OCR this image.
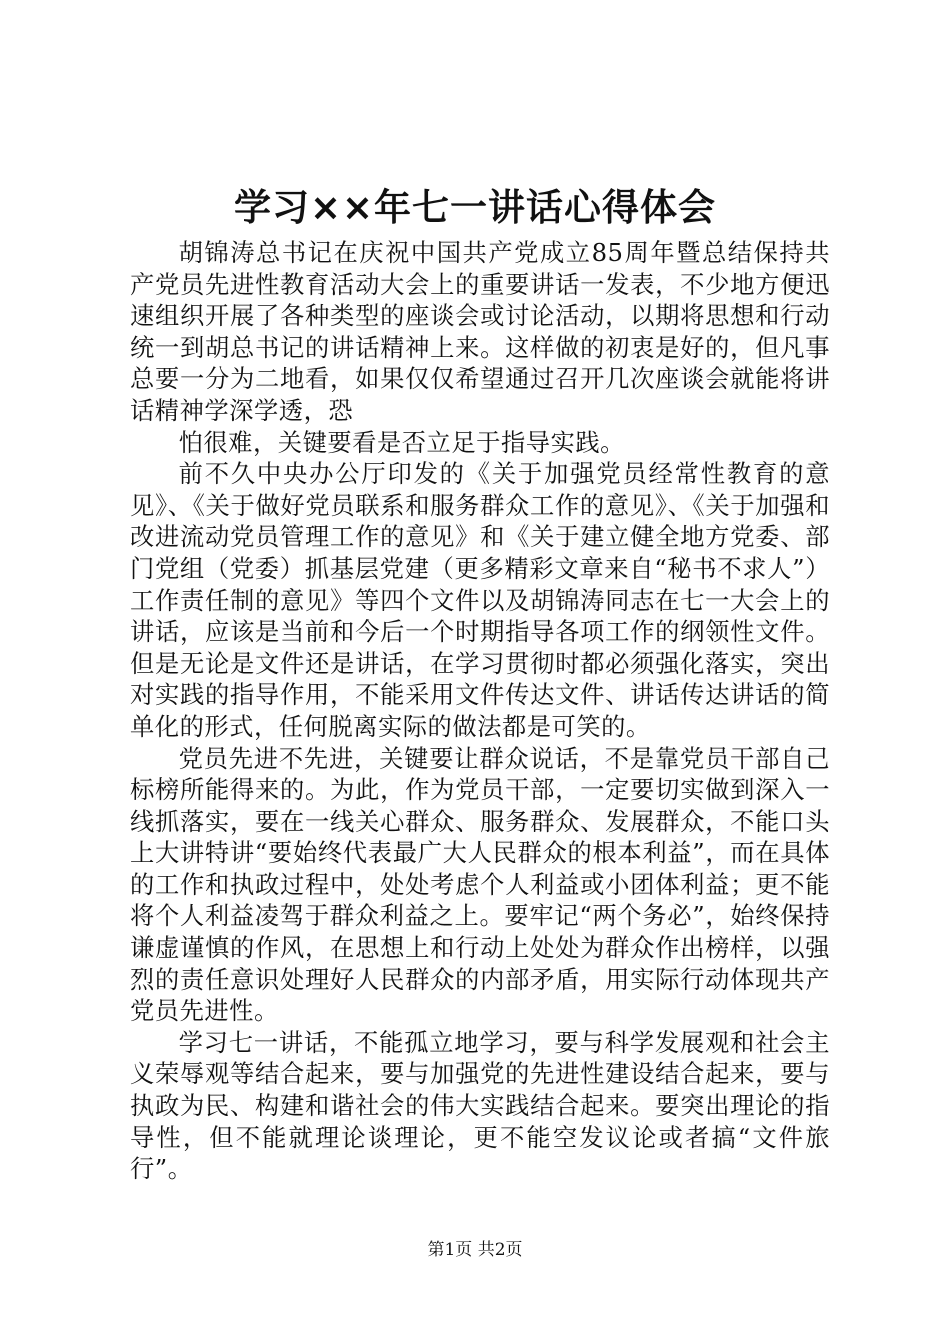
学习××年七一讲话心得体会

胡锦涛总书记在庆祝中国共产党成立85周年暨总结保持共产党员先进性教育活动大会上的重要讲话一发表，不少地方便迅速组织开展了各种类型的座谈会或讨论活动，以期将思想和行动统一到胡总书记的讲话精神上来。这样做的初衷是好的，但凡事总要一分为二地看，如果仅仅希望通过召开几次座谈会就能将讲话精神学深学透，恐

怕很难，关键要看是否立足于指导实践。

前不久中央办公厅印发的《关于加强党员经常性教育的意见》、《关于做好党员联系和服务群众工作的意见》、《关于加强和改进流动党员管理工作的意见》和《关于建立健全地方党委、部门党组（党委）抓基层党建（更多精彩文章来自“秘书不求人”）工作责任制的意见》等四个文件以及胡锦涛同志在七一大会上的讲话，应该是当前和今后一个时期指导各项工作的纲领性文件。但是无论是文件还是讲话，在学习贯彻时都必须强化落实，突出对实践的指导作用，不能采用文件传达文件、讲话传达讲话的简单化的形式，任何脱离实际的做法都是可笑的。

党员先进不先进，关键要让群众说话，不是靠党员干部自己标榜所能得来的。为此，作为党员干部，一定要切实做到深入一线抓落实，要在一线关心群众、服务群众、发展群众，不能口头上大讲特讲“要始终代表最广大人民群众的根本利益”，而在具体的工作和执政过程中，处处考虑个人利益或小团体利益；更不能将个人利益凌驾于群众利益之上。要牢记“两个务必”，始终保持谦虚谨慎的作风，在思想上和行动上处处为群众作出榜样，以强烈的责任意识处理好人民群众的内部矛盾，用实际行动体现共产党员先进性。

学习七一讲话，不能孤立地学习，要与科学发展观和社会主义荣辱观等结合起来，要与加强党的先进性建设结合起来，要与执政为民、构建和谐社会的伟大实践结合起来。要突出理论的指导性，但不能就理论谈理论，更不能空发议论或者搞“文件旅行”。

第1页 共2页
